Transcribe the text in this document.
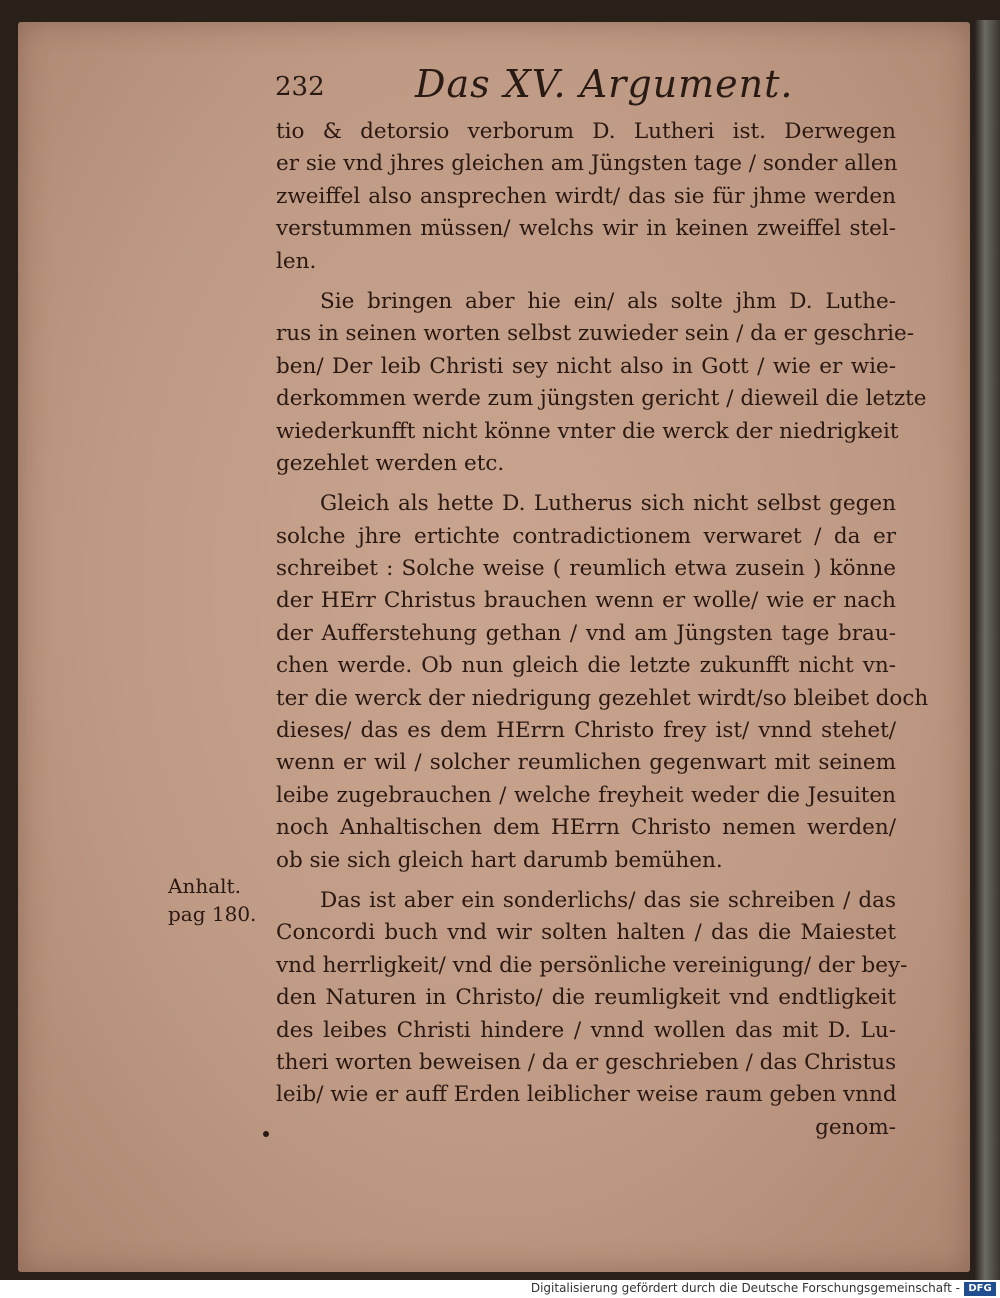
232 Das XV. Argument.
Anhalt.
pag 180.
tio & detorsio verborum D. Lutheri ist. Derwegen
er sie vnd jhres gleichen am Jüngsten tage / sonder allen
zweiffel also ansprechen wirdt/ das sie für jhme werden
verstummen müssen/ welchs wir in keinen zweiffel stel-
len.
Sie bringen aber hie ein/ als solte jhm D. Luthe-
rus in seinen worten selbst zuwieder sein / da er geschrie-
ben/ Der leib Christi sey nicht also in Gott / wie er wie-
derkommen werde zum jüngsten gericht / dieweil die letzte
wiederkunfft nicht könne vnter die werck der niedrigkeit
gezehlet werden etc.
Gleich als hette D. Lutherus sich nicht selbst gegen
solche jhre ertichte contradictionem verwaret / da er
schreibet : Solche weise ( reumlich etwa zusein ) könne
der HErr Christus brauchen wenn er wolle/ wie er nach
der Aufferstehung gethan / vnd am Jüngsten tage brau-
chen werde. Ob nun gleich die letzte zukunfft nicht vn-
ter die werck der niedrigung gezehlet wirdt/so bleibet doch
dieses/ das es dem HErrn Christo frey ist/ vnnd stehet/
wenn er wil / solcher reumlichen gegenwart mit seinem
leibe zugebrauchen / welche freyheit weder die Jesuiten
noch Anhaltischen dem HErrn Christo nemen werden/
ob sie sich gleich hart darumb bemühen.
Das ist aber ein sonderlichs/ das sie schreiben / das
Concordi buch vnd wir solten halten / das die Maiestet
vnd herrligkeit/ vnd die persönliche vereinigung/ der bey-
den Naturen in Christo/ die reumligkeit vnd endtligkeit
des leibes Christi hindere / vnnd wollen das mit D. Lu-
theri worten beweisen / da er geschrieben / das Christus
leib/ wie er auff Erden leiblicher weise raum geben vnnd
genom-
Digitalisierung gefördert durch die Deutsche Forschungsgemeinschaft - DFG
